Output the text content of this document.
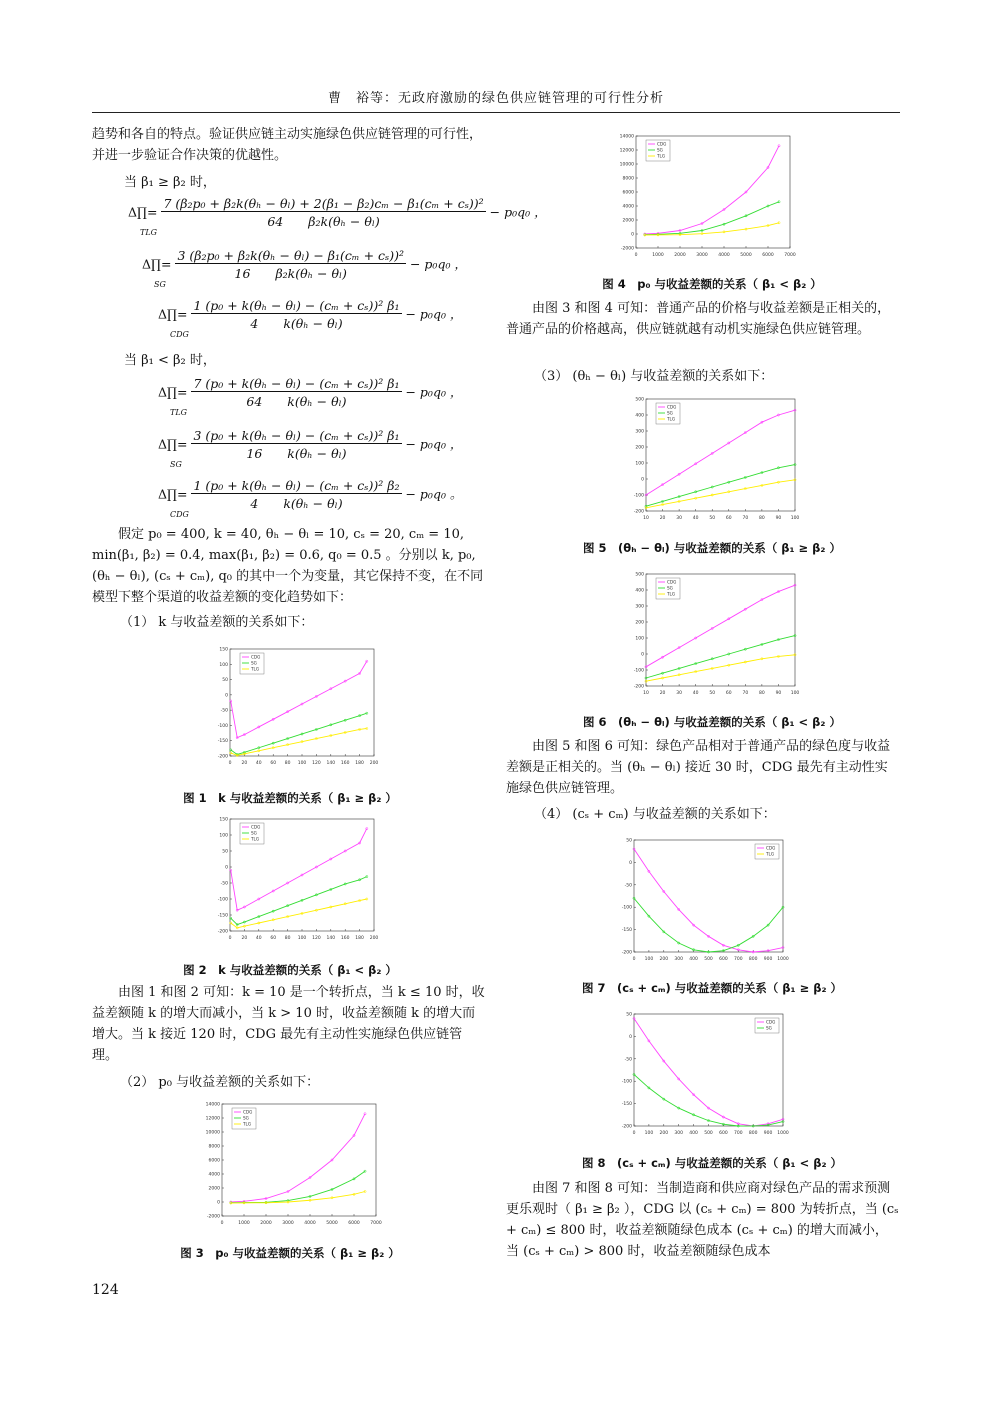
曹　裕等：无政府激励的绿色供应链管理的可行性分析

趋势和各自的特点。验证供应链主动实施绿色供应链管理的可行性，并进一步验证合作决策的优越性。

当 β₁ ≥ β₂ 时，
Δ∏= $\frac{\text{7 (β₂p₀ + β₂k(θₕ − θₗ) + 2(β₁ − β₂)cₘ − β₁(cₘ + cₛ))²}}{\text{64　　 β₂k(θₕ − θₗ)}} - p_0q_0$ ，
TLG
Δ∏= $\frac{\text{3 (β₂p₀ + β₂k(θₕ − θₗ) − β₁(cₘ + cₛ))²}}{\text{16　　 β₂k(θₕ − θₗ)}} - p_0q_0$ ，
SG
Δ∏= $\frac{\text{1 (p₀ + k(θₕ − θₗ) − (cₘ + cₛ))² β₁}}{\text{4　　 k(θₕ − θₗ)}} - p_0q_0$ ，
CDG
当 β₁ < β₂ 时，
Δ∏= $\frac{\text{7 (p₀ + k(θₕ − θₗ) − (cₘ + cₛ))² β₁}}{\text{64　　 k(θₕ − θₗ)}} - p_0q_0$ ，
TLG
Δ∏= $\frac{\text{3 (p₀ + k(θₕ − θₗ) − (cₘ + cₛ))² β₁}}{\text{16　　 k(θₕ − θₗ)}} - p_0q_0$ ，
SG
Δ∏= $\frac{\text{1 (p₀ + k(θₕ − θₗ) − (cₘ + cₛ))² β₂}}{\text{4　　 k(θₕ − θₗ)}} - p_0q_0$ 。
CDG

假定 p₀ = 400, k = 40, θₕ − θₗ = 10, cₛ = 20, cₘ = 10, min(β₁, β₂) = 0.4, max(β₁, β₂) = 0.6, q₀ = 0.5 。分别以 k, p₀, (θₕ − θₗ), (cₛ + cₘ), q₀ 的其中一个为变量，其它保持不变，在不同模型下整个渠道的收益差额的变化趋势如下：

（1） k 与收益差额的关系如下：
0 20 40 60 80 100 120 140 160 180 200
-200
-150
-100
-50
0
50
100
150
CDG
SG
TLG
图 1　k 与收益差额的关系（ β₁ ≥ β₂ ）
0 20 40 60 80 100 120 140 160 180 200
-200
-150
-100
-50
0
50
100
150
CDG
SG
TLG
图 2　k 与收益差额的关系（ β₁ < β₂ ）

由图 1 和图 2 可知：k = 10 是一个转折点，当 k ≤ 10 时，收益差额随 k 的增大而减小，当 k > 10 时，收益差额随 k 的增大而增大。当 k 接近 120 时，CDG 最先有主动性实施绿色供应链管理。

（2） p₀ 与收益差额的关系如下：
0	1000 2000 3000 4000 5000 6000 7000
-2000
0
2000
4000
6000
8000
10000
12000
14000
CDG
SG
TLG
图 3　p₀ 与收益差额的关系（ β₁ ≥ β₂ ）
124
0	1000 2000 3000 4000 5000 6000 7000
-2000
0
2000
4000
6000
8000
10000
12000
14000
CDG
SG
TLG
图 4　p₀ 与收益差额的关系（ β₁ < β₂ ）

由图 3 和图 4 可知：普通产品的价格与收益差额是正相关的，普通产品的价格越高，供应链就越有动机实施绿色供应链管理。

（3） (θₕ − θₗ) 与收益差额的关系如下：
10 20 30 40 50 60 70 80 90 100
-200
-100
0
100
200
300
400
500
CDG
SG
TLG
图 5　(θₕ − θₗ) 与收益差额的关系（ β₁ ≥ β₂ ）
10 20 30 40 50 60 70 80 90 100
-200
-100
0
100
200
300
400
500
CDG
SG
TLG
图 6　(θₕ − θₗ) 与收益差额的关系（ β₁ < β₂ ）

由图 5 和图 6 可知：绿色产品相对于普通产品的绿色度与收益差额是正相关的。当 (θₕ − θₗ) 接近 30 时，CDG 最先有主动性实施绿色供应链管理。

（4） (cₛ + cₘ) 与收益差额的关系如下：
0 100 200 300 400 500 600 700 800 900 1000
-200
-150
-100
-50
0
50
CDG
TLG
图 7　(cₛ + cₘ) 与收益差额的关系（ β₁ ≥ β₂ ）
0 100 200 300 400 500 600 700 800 900 1000
-200
-150
-100
-50
0
50
CDG
SG
图 8　(cₛ + cₘ) 与收益差额的关系（ β₁ < β₂ ）

由图 7 和图 8 可知：当制造商和供应商对绿色产品的需求预测更乐观时（ β₁ ≥ β₂ ），CDG 以 (cₛ + cₘ) = 800 为转折点，当 (cₛ + cₘ) ≤ 800 时，收益差额随绿色成本 (cₛ + cₘ) 的增大而减小，当 (cₛ + cₘ) > 800 时，收益差额随绿色成本
